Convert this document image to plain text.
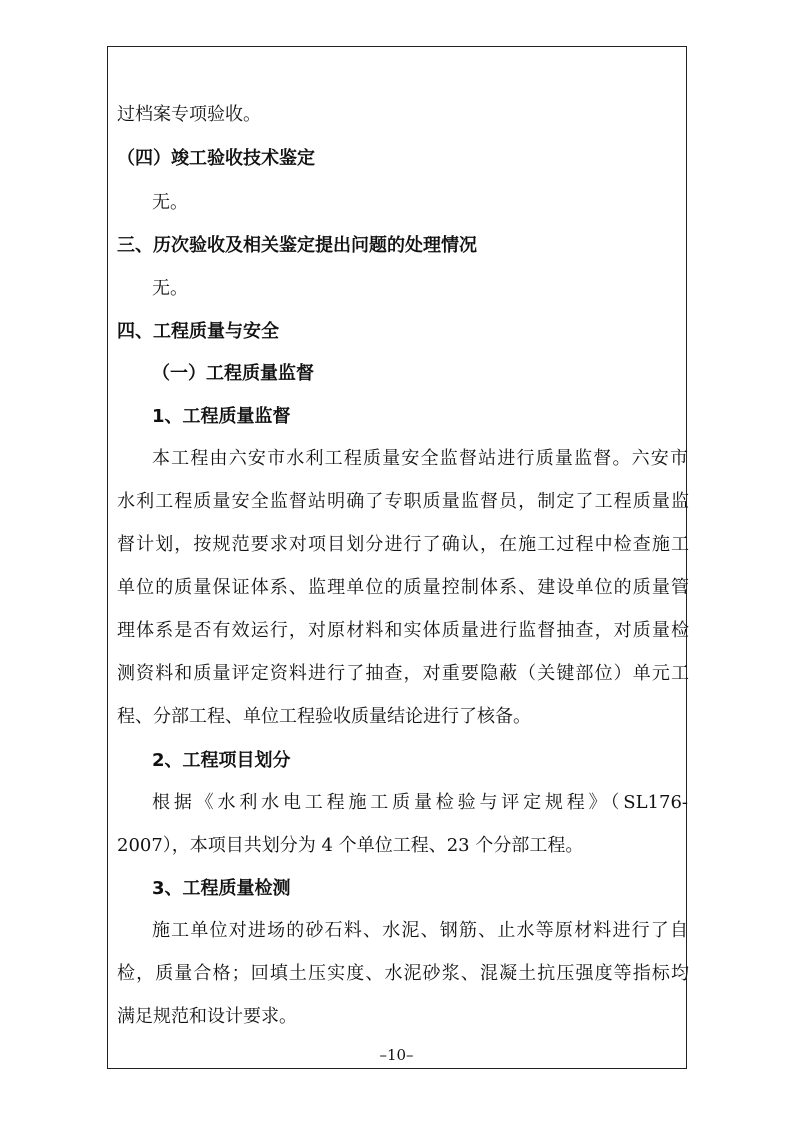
过档案专项验收。
（四）竣工验收技术鉴定
无。
三、历次验收及相关鉴定提出问题的处理情况
无。
四、工程质量与安全
（一）工程质量监督
1、工程质量监督
本工程由六安市水利工程质量安全监督站进行质量监督。六安市
水利工程质量安全监督站明确了专职质量监督员，制定了工程质量监
督计划，按规范要求对项目划分进行了确认，在施工过程中检查施工
单位的质量保证体系、监理单位的质量控制体系、建设单位的质量管
理体系是否有效运行，对原材料和实体质量进行监督抽查，对质量检
测资料和质量评定资料进行了抽查，对重要隐蔽（关键部位）单元工
程、分部工程、单位工程验收质量结论进行了核备。
2、工程项目划分
根据《水利水电工程施工质量检验与评定规程》（SL176-
2007），本项目共划分为 4 个单位工程、23 个分部工程。
3、工程质量检测
施工单位对进场的砂石料、水泥、钢筋、止水等原材料进行了自
检，质量合格；回填土压实度、水泥砂浆、混凝土抗压强度等指标均
满足规范和设计要求。
–10–
